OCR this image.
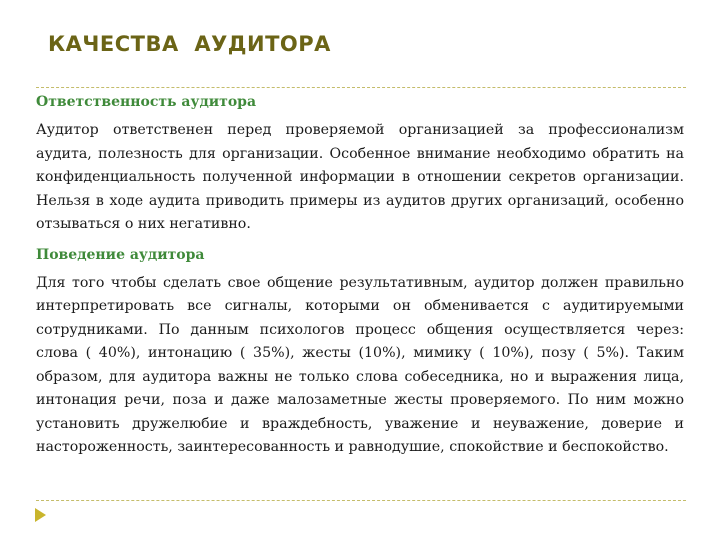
КАЧЕСТВА  АУДИТОРА
Ответственность аудитора

Аудитор ответственен перед проверяемой организацией за профессионализм аудита, полезность для организации. Особенное внимание необходимо обратить на конфиденциальность полученной информации в отношении секретов организации. Нельзя в ходе аудита приводить примеры из аудитов других организаций, особенно отзываться о них негативно.

Поведение аудитора

Для того чтобы сделать свое общение результативным, аудитор должен правильно интерпретировать все сигналы, которыми он обменивается с аудитируемыми сотрудниками. По данным психологов процесс общения осуществляется через: слова ( 40%), интонацию ( 35%), жесты (10%), мимику ( 10%), позу ( 5%). Таким образом, для аудитора важны не только слова собеседника, но и выражения лица, интонация речи, поза и даже малозаметные жесты проверяемого. По ним можно установить дружелюбие и враждебность, уважение и неуважение, доверие и настороженность, заинтересованность и равнодушие, спокойствие и беспокойство.
